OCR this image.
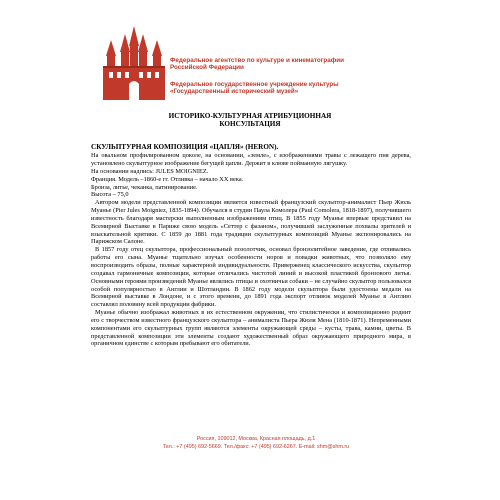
Федеральное агентство по культуре и кинематографии
Российской Федерации
Федеральное государственное учреждение культуры
«Государственный исторический музей»
ИСТОРИКО-КУЛЬТУРНАЯ АТРИБУЦИОННАЯ
КОНСУЛЬТАЦИЯ

СКУЛЬПТУРНАЯ КОМПОЗИЦИЯ «ЦАПЛЯ» (HERON).

На овальном профилированном цоколе, на основании, «земле», с изображениями травы с лежащего пня дерева, установлено скульптурное изображение бегущей цапли. Держит в клюве пойманную лягушку.

На основании надпись: JULES MOIGNIEZ.

Франция. Модель –1860-е гг. Отливка – начало XX века.

Бронза, литье, чеканка, патинирование.

Высота – 75,0

Автором модели представленной композиции является известный французский скульптор-анималист Пьер Жюль Муанье (Pier Jules Moigniez, 1835-1894). Обучался в студии Паула Комолера (Paul Comolera, 1818-1897), получившего известность благодаря мастерски выполненным изображениям птиц. В 1855 году Муанье впервые представил на Всемирной Выставке в Париже свою модель «Сеттер с фазаном», получившей заслуженные похвалы зрителей и взыскательной критики. С 1859 до 1881 года традиции скульптурных композиций Муанье экспонировались на Парижском Салоне.

В 1857 году отец скульптора, профессиональный позолотчик, основал бронзолитейное заведение, где отливались работы его сына. Муанье тщательно изучал особенности норов и повадки животных, что позволяло ему воспроизводить образы, полные характерной индивидуальности. Приверженец классического искусства, скульптор создавал гармоничные композиции, которые отличались чистотой линий и высокой пластикой бронзового литья. Основными героями произведений Муанье являлись птицы и охотничьи собаки – не случайно скульптор пользовался особой популярностью в Англии и Шотландии. В 1862 году модели скульптора были удостоены медали на Всемирной выставке в Лондоне, и с этого времени, до 1891 года экспорт отливок моделей Муанье в Англию составлял половину всей продукции фабрики.

Муанье обычно изображал животных в их естественном окружении, что стилистически и композиционно роднит его с творчеством известного французского скульптора – анималиста Пьера Жюля Мена (1810-1871). Непременными компонентами его скульптурных групп являются элементы окружающей среды – кусты, трава, камни, цветы. В представленной композиции эти элементы создают художественный образ окружающего природного мира, в органичном единстве с которым пребывают его обитатели.

Россия, 109012, Москва, Красная площадь, д.1
Тел.: +7 (495) 692-5669. Тел./факс: +7 (495) 692-6267. E-mail: shm@shm.ru
